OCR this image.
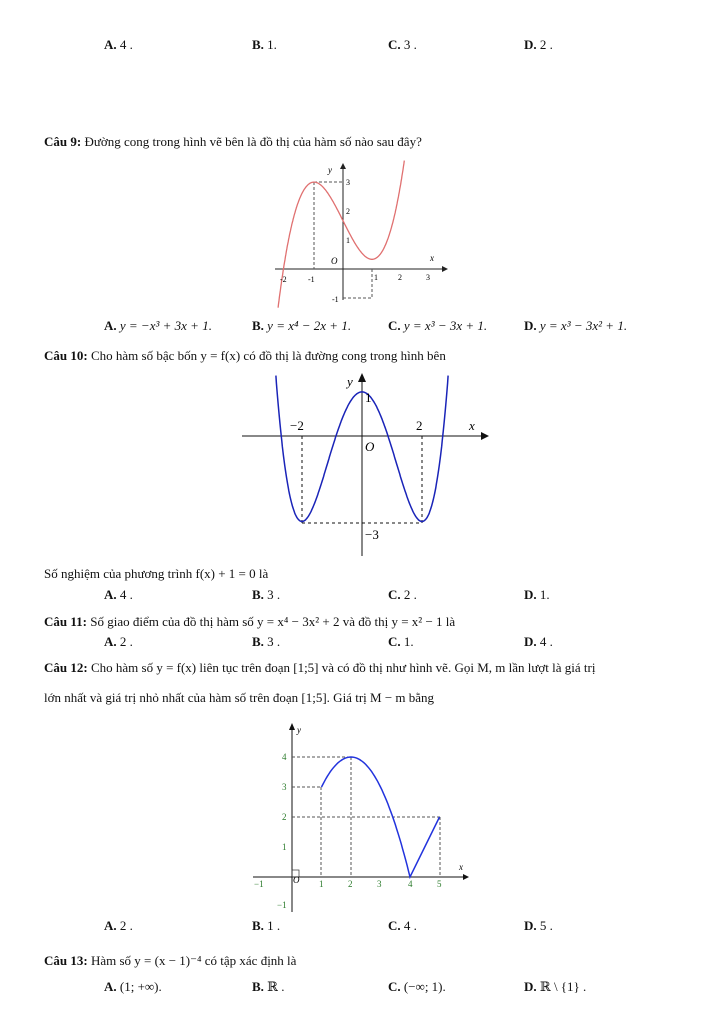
A. 4 .	B. 1.	C. 3 .	D. 2 .
Câu 9: Đường cong trong hình vẽ bên là đồ thị của hàm số nào sau đây?
y
x
O
3
2
1
-1
-2	-1	1	2	3
A. y = −x³ + 3x + 1.	B. y = x⁴ − 2x + 1.	C. y = x³ − 3x + 1.	D. y = x³ − 3x² + 1.
Câu 10: Cho hàm số bậc bốn y = f(x) có đồ thị là đường cong trong hình bên
y
x
O
1
−2	2
−3
Số nghiệm của phương trình f(x) + 1 = 0 là
A. 4 .	B. 3 .	C. 2 .	D. 1.
Câu 11: Số giao điểm của đồ thị hàm số y = x⁴ − 3x² + 2 và đồ thị y = x² − 1 là
A. 2 .	B. 3 .	C. 1.	D. 4 .
Câu 12: Cho hàm số y = f(x) liên tục trên đoạn [1;5] và có đồ thị như hình vẽ. Gọi M, m lần lượt là giá trị
lớn nhất và giá trị nhỏ nhất của hàm số trên đoạn [1;5]. Giá trị M − m bằng
y
x
O
4
3
2
1
−1
−1	1	2	3	4	5
A. 2 .	B. 1 .	C. 4 .	D. 5 .
Câu 13: Hàm số y = (x − 1)⁻⁴ có tập xác định là
A. (1; +∞).	B. ℝ .	C. (−∞; 1).	D. ℝ \ {1} .
